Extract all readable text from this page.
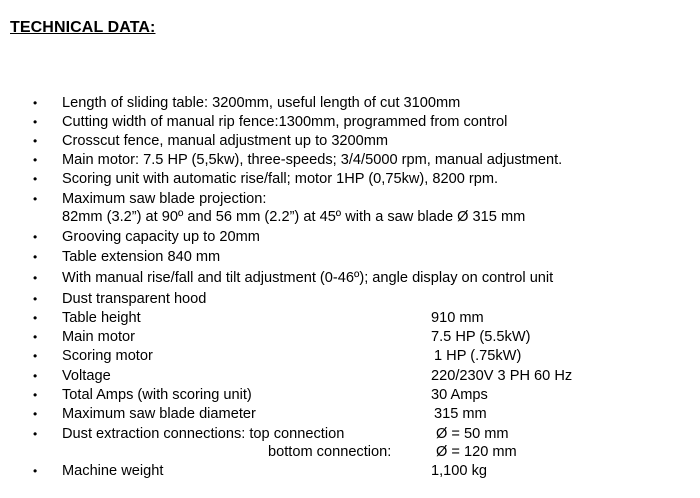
TECHNICAL DATA:
• Length of sliding table: 3200mm, useful length of cut 3100mm
• Cutting width of manual rip fence:1300mm, programmed from control
• Crosscut fence, manual adjustment up to 3200mm
• Main motor: 7.5 HP (5,5kw), three-speeds; 3/4/5000 rpm, manual adjustment.
• Scoring unit with automatic rise/fall; motor 1HP (0,75kw), 8200 rpm.
• Maximum saw blade projection:
82mm (3.2”) at 90º and 56 mm (2.2”) at 45º with a saw blade Ø 315 mm
• Grooving capacity up to 20mm
• Table extension 840 mm
• With manual rise/fall and tilt adjustment (0-46º); angle display on control unit
• Dust transparent hood
• Table height	910 mm
• Main motor	7.5 HP (5.5kW)
• Scoring motor	1 HP (.75kW)
• Voltage	220/230V 3 PH 60 Hz
• Total Amps (with scoring unit)	30 Amps
• Maximum saw blade diameter	315 mm
• Dust extraction connections: top connection	Ø = 50 mm
bottom connection:	Ø = 120 mm
• Machine weight	1,100 kg
